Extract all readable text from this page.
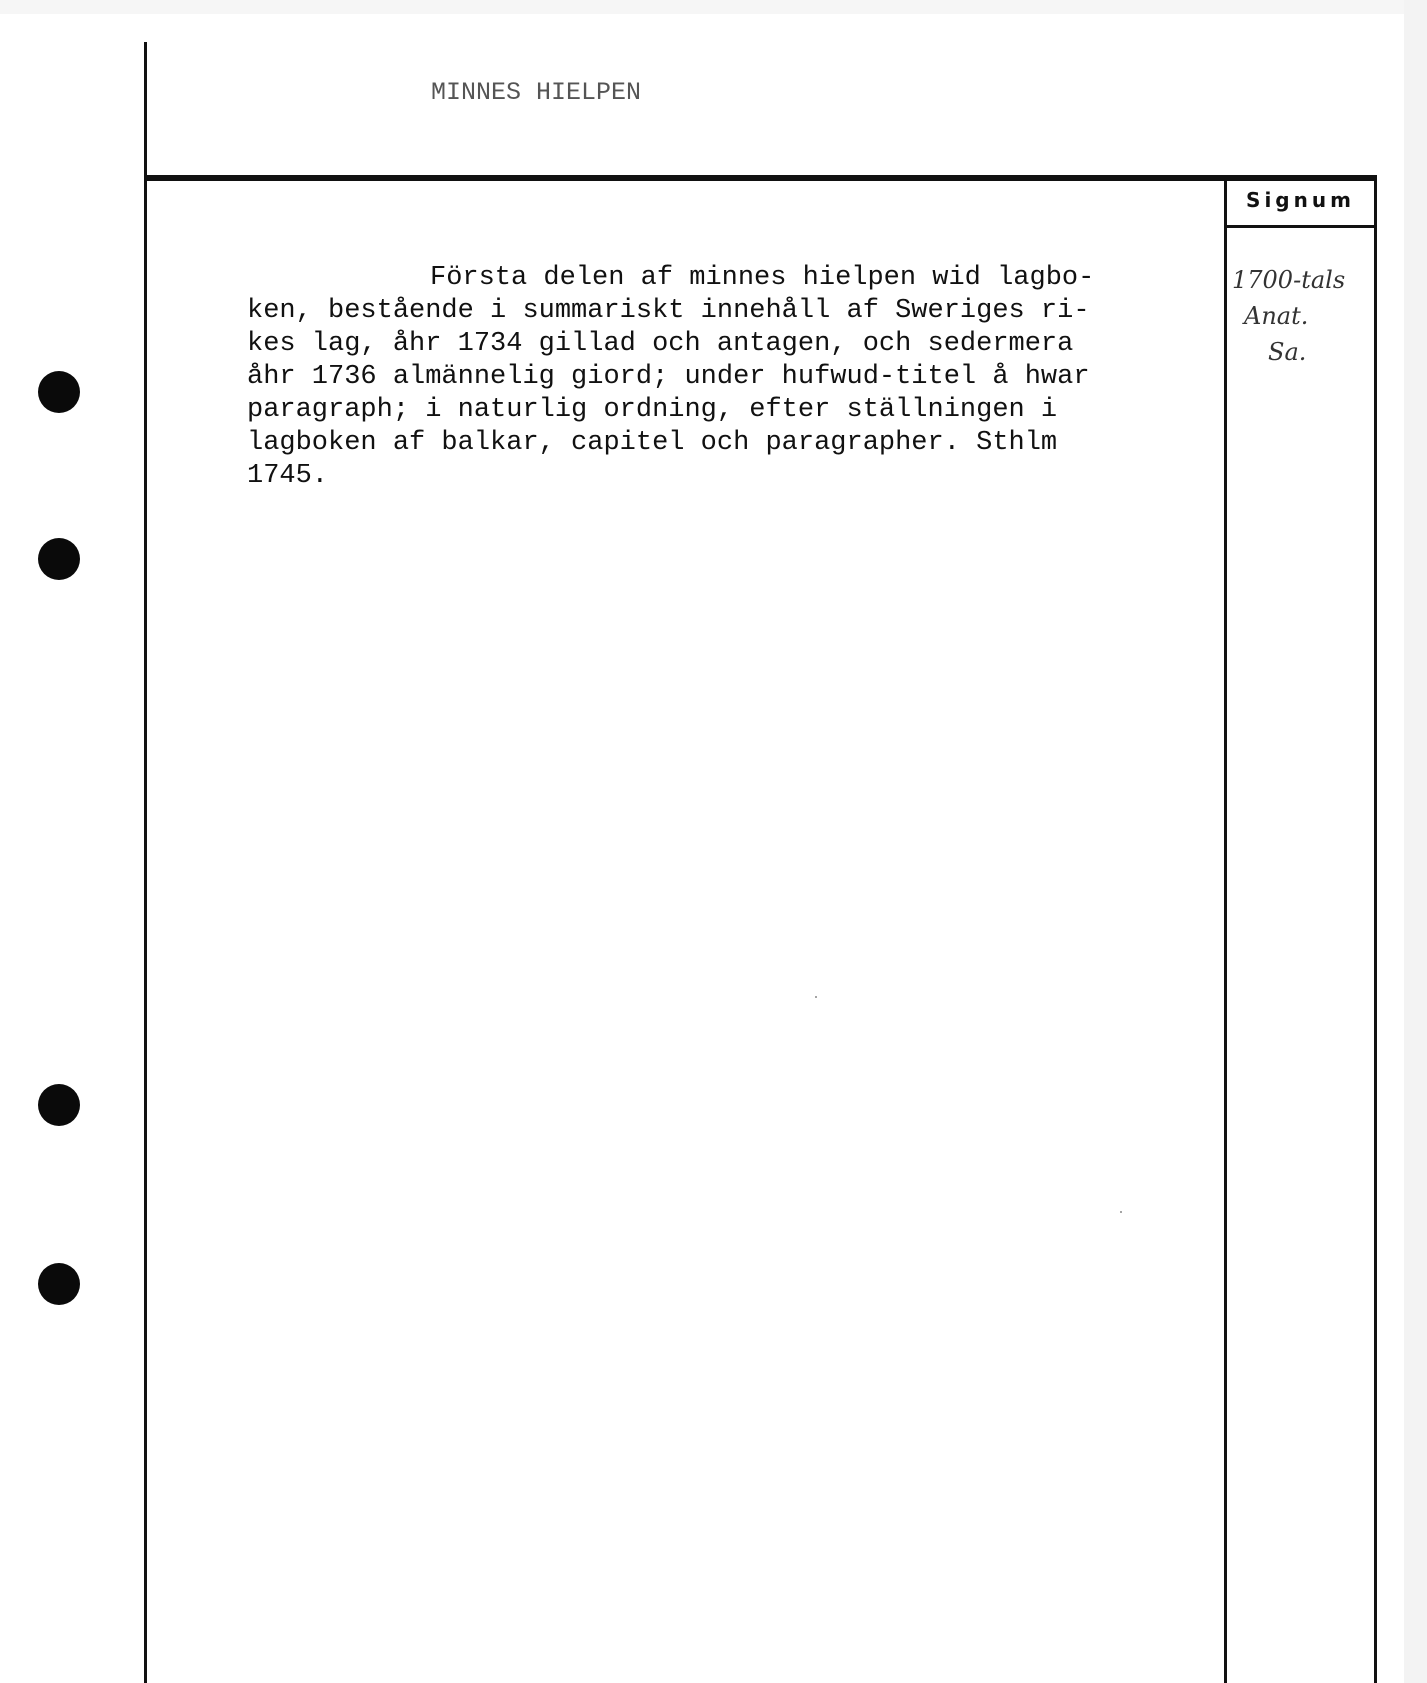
MINNES HIELPEN
Signum
Första delen af minnes hielpen wid lagbo-
ken, bestående i summariskt innehåll af Sweriges ri-
kes lag, åhr 1734 gillad och antagen, och sedermera
åhr 1736 almännelig giord; under hufwud-titel å hwar
paragraph; i naturlig ordning, efter ställningen i
lagboken af balkar, capitel och paragrapher. Sthlm
1745.
1700-tals
Anat.
Sa.
